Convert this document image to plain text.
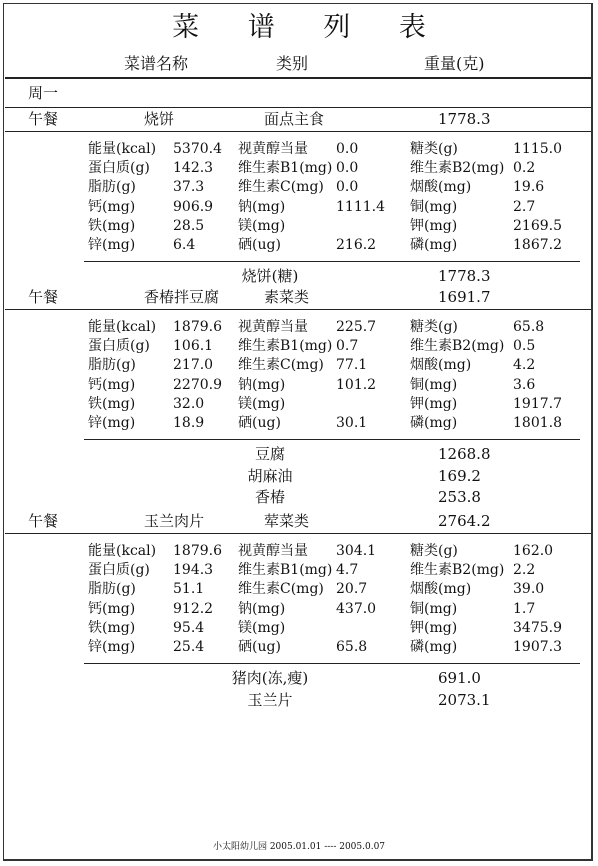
菜 谱 列 表
菜谱名称	类别	重量(克)
周一
午餐	烧饼	面点主食	1778.3
能量(kcal) 5370.4 视黄醇当量 0.0	糖类(g)	1115.0
蛋白质(g) 142.3 维生素B1(mg) 0.0	维生素B2(mg) 0.2
脂肪(g)	37.3 维生素C(mg) 0.0	烟酸(mg)	19.6
钙(mg)	906.9 钠(mg)	1111.4 铜(mg)	2.7
铁(mg)	28.5 镁(mg)	钾(mg)	2169.5
锌(mg)	6.4	硒(ug)	216.2 磷(mg)	1867.2
烧饼(糖)	1778.3
午餐	香椿拌豆腐	素菜类	1691.7
能量(kcal) 1879.6 视黄醇当量 225.7 糖类(g)	65.8
蛋白质(g) 106.1 维生素B1(mg) 0.7	维生素B2(mg) 0.5
脂肪(g)	217.0 维生素C(mg) 77.1	烟酸(mg)	4.2
钙(mg)	2270.9 钠(mg)	101.2 铜(mg)	3.6
铁(mg)	32.0 镁(mg)	钾(mg)	1917.7
锌(mg)	18.9 硒(ug)	30.1	磷(mg)	1801.8
豆腐	1268.8
胡麻油	169.2
香椿	253.8
午餐	玉兰肉片	荤菜类	2764.2
能量(kcal) 1879.6 视黄醇当量 304.1 糖类(g)	162.0
蛋白质(g) 194.3 维生素B1(mg) 4.7	维生素B2(mg) 2.2
脂肪(g)	51.1 维生素C(mg) 20.7	烟酸(mg)	39.0
钙(mg)	912.2 钠(mg)	437.0 铜(mg)	1.7
铁(mg)	95.4 镁(mg)	钾(mg)	3475.9
锌(mg)	25.4 硒(ug)	65.8	磷(mg)	1907.3
猪肉(冻,瘦)	691.0
玉兰片	2073.1
小太阳幼儿园 2005.01.01 ---- 2005.0.07
